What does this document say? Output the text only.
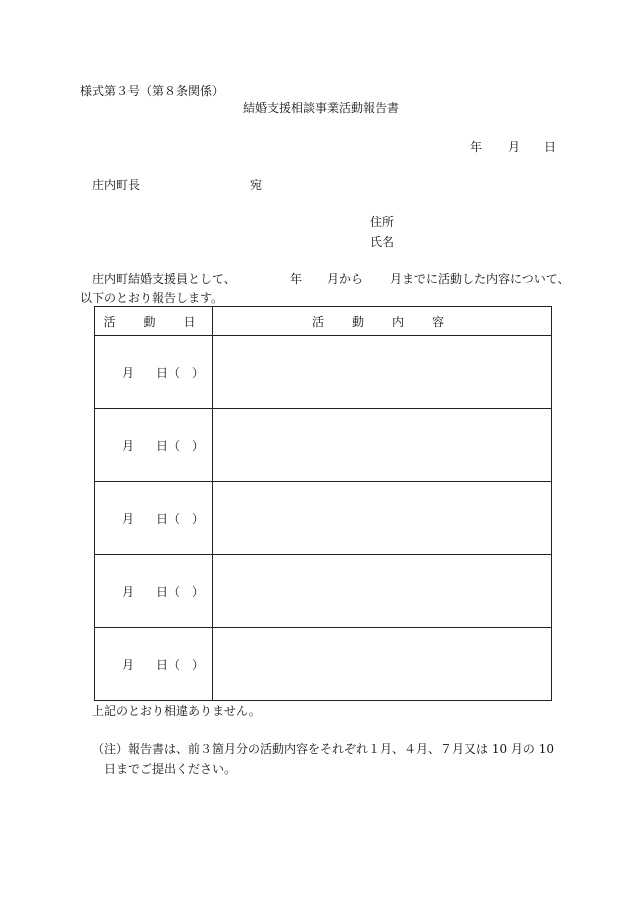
様式第３号（第８条関係）
結婚支援相談事業活動報告書
年 月 日
庄内町長	宛
住所
氏名
庄内町結婚支援員として、	年 月から 月までに活動した内容について、
以下のとおり報告します。
活　動　日	活　動　内　容
月 日（　）	
月 日（　）	
月 日（　）	
月 日（　）	
月 日（　）	
上記のとおり相違ありません。
（注） 報告書は、前３箇月分の活動内容をそれぞれ１月、４月、７月又は 10 月の 10
日までご提出ください。
